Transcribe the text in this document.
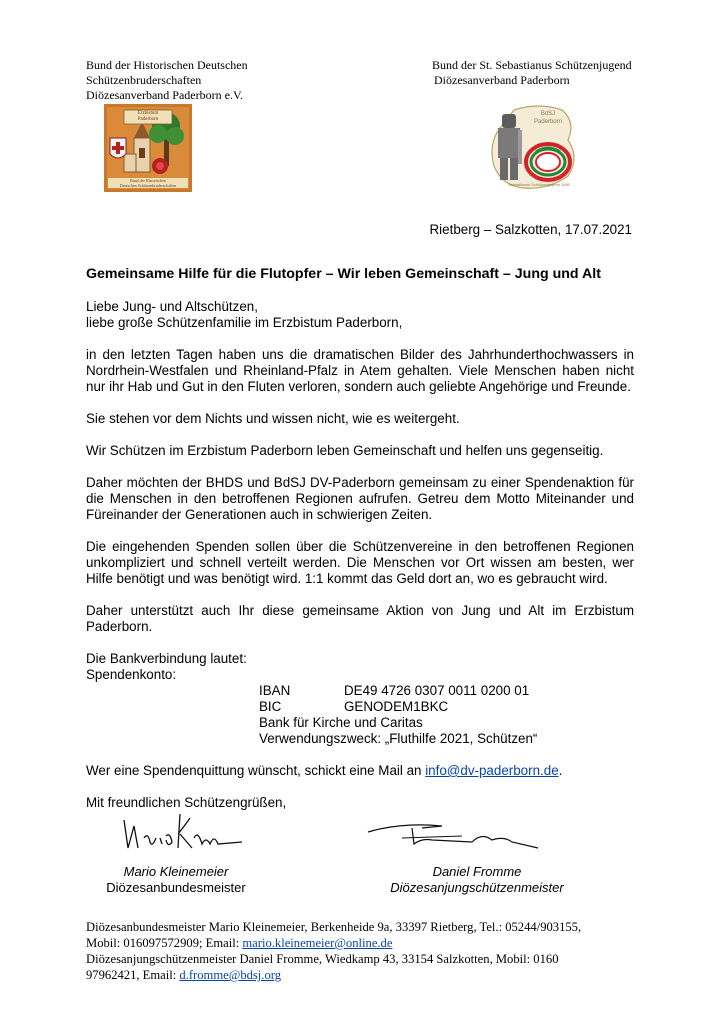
Bund der Historischen Deutschen
Schützenbruderschaften
Diözesanverband Paderborn e.V.
Bund der St. Sebastianus Schützenjugend
Diözesanverband Paderborn
Erzbistum
Paderborn
Bund der Historischen
Deutschen Schützenbruderschaften
BdSJ
Paderborn
Sebastianus Schützenjugend 1950
Rietberg – Salzkotten, 17.07.2021
Gemeinsame Hilfe für die Flutopfer – Wir leben Gemeinschaft – Jung und Alt

Liebe Jung- und Altschützen,

liebe große Schützenfamilie im Erzbistum Paderborn,

in den letzten Tagen haben uns die dramatischen Bilder des Jahrhunderthochwassers in Nordrhein-Westfalen und Rheinland-Pfalz in Atem gehalten. Viele Menschen haben nicht nur ihr Hab und Gut in den Fluten verloren, sondern auch geliebte Angehörige und Freunde.

Sie stehen vor dem Nichts und wissen nicht, wie es weitergeht.

Wir Schützen im Erzbistum Paderborn leben Gemeinschaft und helfen uns gegenseitig.

Daher möchten der BHDS und BdSJ DV-Paderborn gemeinsam zu einer Spendenaktion für die Menschen in den betroffenen Regionen aufrufen. Getreu dem Motto Miteinander und Füreinander der Generationen auch in schwierigen Zeiten.

Die eingehenden Spenden sollen über die Schützenvereine in den betroffenen Regionen unkompliziert und schnell verteilt werden. Die Menschen vor Ort wissen am besten, wer Hilfe benötigt und was benötigt wird. 1:1 kommt das Geld dort an, wo es gebraucht wird.

Daher unterstützt auch Ihr diese gemeinsame Aktion von Jung und Alt im Erzbistum Paderborn.

Die Bankverbindung lautet:

Spendenkonto:

IBAN	DE49 4726 0307 0011 0200 01
BIC	GENODEM1BKC
Bank für Kirche und Caritas
Verwendungszweck: „Fluthilfe 2021, Schützen“

Wer eine Spendenquittung wünscht, schickt eine Mail an info@dv-paderborn.de.

Mit freundlichen Schützengrüßen,

Mario Kleinemeier
Diözesanbundesmeister
Daniel Fromme
Diözesanjungschützenmeister
Diözesanbundesmeister Mario Kleinemeier, Berkenheide 9a, 33397 Rietberg, Tel.: 05244/903155,
Mobil: 016097572909; Email: mario.kleinemeier@online.de
Diözesanjungschützenmeister Daniel Fromme, Wiedkamp 43, 33154 Salzkotten, Mobil: 0160
97962421, Email: d.fromme@bdsj.org
